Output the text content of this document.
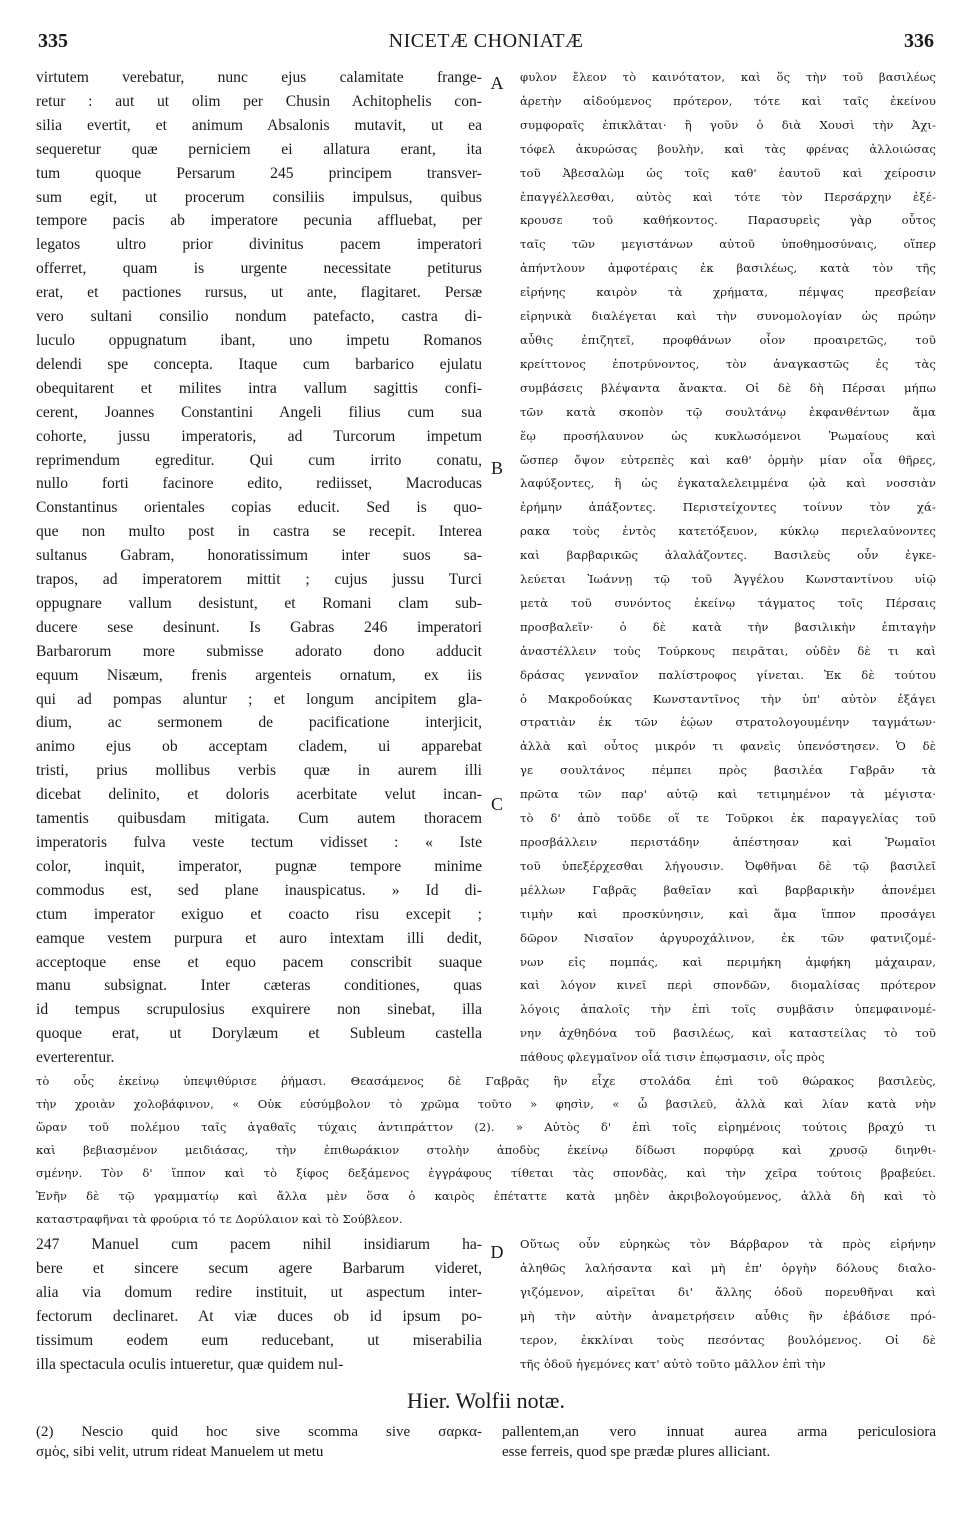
335	NICETÆ CHONIATÆ	336
virtutem verebatur, nunc ejus calamitate frange-
retur : aut ut olim per Chusin Achitophelis con-
silia evertit, et animum Absalonis mutavit, ut ea
sequeretur quæ perniciem ei allatura erant, ita
tum quoque Persarum 245 principem transver-
sum egit, ut procerum consiliis impulsus, quibus
tempore pacis ab imperatore pecunia affluebat, per
legatos ultro prior divinitus pacem imperatori
offerret, quam is urgente necessitate petiturus
erat, et pactiones rursus, ut ante, flagitaret. Persæ
vero sultani consilio nondum patefacto, castra di-
luculo oppugnatum ibant, uno impetu Romanos
delendi spe concepta. Itaque cum barbarico ejulatu
obequitarent et milites intra vallum sagittis confi-
cerent, Joannes Constantini Angeli filius cum sua
cohorte, jussu imperatoris, ad Turcorum impetum
reprimendum egreditur. Qui cum irrito conatu,
nullo forti facinore edito, rediisset, Macroducas
Constantinus orientales copias educit. Sed is quo-
que non multo post in castra se recepit. Interea
sultanus Gabram, honoratissimum inter suos sa-
trapos, ad imperatorem mittit ; cujus jussu Turci
oppugnare vallum desistunt, et Romani clam sub-
ducere sese desinunt. Is Gabras 246 imperatori
Barbarorum more submisse adorato dono adducit
equum Nisæum, frenis argenteis ornatum, ex iis
qui ad pompas aluntur ; et longum ancipitem gla-
dium, ac sermonem de pacificatione interjicit,
animo ejus ob acceptam cladem, ui apparebat
tristi, prius mollibus verbis quæ in aurem illi
dicebat delinito, et doloris acerbitate velut incan-
tamentis quibusdam mitigata. Cum autem thoracem
imperatoris fulva veste tectum vidisset : « Iste
color, inquit, imperator, pugnæ tempore minime
commodus est, sed plane inauspicatus. » Id di-
ctum imperator exiguo et coacto risu excepit ;
eamque vestem purpura et auro intextam illi dedit,
acceptoque ense et equo pacem conscribit suaque
manu subsignat. Inter cæteras conditiones, quas
id tempus scrupulosius exquirere non sinebat, illa
quoque erat, ut Dorylæum et Subleum castella
everterentur.
φυλον ἔλεον τὸ καινότατον, καὶ ὅς τὴν τοῦ βασιλέως
ἀρετὴν αἰδούμενος πρότερον, τότε καὶ ταῖς ἐκείνου
συμφοραῖς ἐπικλᾶται· ἢ γοῦν ὁ διὰ Χουσὶ τὴν Ἀχι-
τόφελ ἀκυρώσας βουλὴν, καὶ τὰς φρένας ἀλλοιώσας
τοῦ Ἀβεσαλὼμ ὡς τοῖς καθ' ἑαυτοῦ καὶ χείροσιν
ἐπαγγέλλεσθαι, αὐτὸς καὶ τότε τὸν Περσάρχην ἐξέ-
κρουσε τοῦ καθήκοντος. Παρασυρεὶς γὰρ οὗτος
ταῖς τῶν μεγιστάνων αὐτοῦ ὑποθημοσύναις, οἵπερ
ἀπήντλουν ἀμφοτέραις ἐκ βασιλέως, κατὰ τὸν τῆς
εἰρήνης καιρὸν τὰ χρήματα, πέμψας πρεσβείαν
εἰρηνικὰ διαλέγεται καὶ τὴν συνομολογίαν ὡς πρώην
αὖθις ἐπιζητεῖ, προφθάνων οἷον προαιρετῶς, τοῦ
κρείττονος ἐποτρύνοντος, τὸν ἀναγκαστῶς ἐς τὰς
συμβάσεις βλέψαντα ἄνακτα. Οἱ δὲ δὴ Πέρσαι μήπω
τῶν κατὰ σκοπὸν τῷ σουλτάνῳ ἐκφανθέντων ἅμα
ἕῳ προσήλαυνον ὡς κυκλωσόμενοι Ῥωμαίους καὶ
ὥσπερ ὄψον εὐτρεπὲς καὶ καθ' ὁρμὴν μίαν οἷα θῆρες,
λαφύξοντες, ἢ ὡς ἐγκαταλελειμμένα ᾠὰ καὶ νοσσιὰν
ἐρήμην ἀπάξοντες. Περιστείχοντες τοίνυν τὸν χά-
ρακα τοὺς ἐντὸς κατετόξευον, κύκλῳ περιελαύνοντες
καὶ βαρβαρικῶς ἀλαλάζοντες. Βασιλεὺς οὖν ἐγκε-
λεύεται Ἰωάννῃ τῷ τοῦ Ἀγγέλου Κωνσταντίνου υἱῷ
μετὰ τοῦ συνόντος ἐκείνῳ τάγματος τοῖς Πέρσαις
προσβαλεῖν· ὁ δὲ κατὰ τὴν βασιλικὴν ἐπιταγὴν
ἀναστέλλειν τοὺς Τούρκους πειρᾶται, οὐδὲν δὲ τι καὶ
δράσας γενναῖον παλίστροφος γίνεται. Ἐκ δὲ τούτου
ὁ Μακροδούκας Κωνσταντῖνος τὴν ὑπ' αὐτὸν ἐξάγει
στρατιὰν ἐκ τῶν ἑῴων στρατολογουμένην ταγμάτων·
ἀλλὰ καὶ οὗτος μικρόν τι φανεὶς ὑπενόστησεν. Ὁ δὲ
γε σουλτάνος πέμπει πρὸς βασιλέα Γαβρᾶν τὰ
πρῶτα τῶν παρ' αὐτῷ καὶ τετιμημένον τὰ μέγιστα·
τὸ δ' ἀπὸ τοῦδε οἵ τε Τοῦρκοι ἐκ παραγγελίας τοῦ
προσβάλλειν περιστάδην ἀπέστησαν καὶ Ῥωμαῖοι
τοῦ ὑπεξέρχεσθαι λήγουσιν. Ὀφθῆναι δὲ τῷ βασιλεῖ
μέλλων Γαβρᾶς βαθεῖαν καὶ βαρβαρικὴν ἀπονέμει
τιμὴν καὶ προσκύνησιν, καὶ ἅμα ἵππον προσάγει
δῶρον Νισαῖον ἀργυροχάλινον, ἐκ τῶν φατνιζομέ-
νων εἰς πομπάς, καὶ περιμήκη ἀμφήκη μάχαιραν,
καὶ λόγον κινεῖ περὶ σπονδῶν, διομαλίσας πρότερον
λόγοις ἁπαλοῖς τὴν ἐπὶ τοῖς συμβᾶσιν ὑπεμφαινομέ-
νην ἀχθηδόνα τοῦ βασιλέως, καὶ καταστείλας τὸ τοῦ
πάθους φλεγμαῖνον οἷά τισιν ἐπῳσμασιν, οἷς πρὸς
A
B
C
D
τὸ οὖς ἐκείνῳ ὑπεψιθύρισε ῥήμασι. Θεασάμενος δὲ Γαβρᾶς ἣν εἶχε στολάδα ἐπὶ τοῦ θώρακος βασιλεὺς,
τὴν χροιὰν χολοβάφινον, « Οὐκ εὐσύμβολον τὸ χρῶμα τοῦτο » φησὶν, « ὦ βασιλεῦ, ἀλλὰ καὶ λίαν κατὰ νὴν
ὥραν τοῦ πολέμου ταῖς ἀγαθαῖς τύχαις ἀντιπράττον (2). » Αὐτὸς δ' ἐπὶ τοῖς εἰρημένοις τούτοις βραχύ τι
καὶ βεβιασμένον μειδιάσας, τὴν ἐπιθωράκιον στολὴν ἀποδὺς ἐκείνῳ δίδωσι πορφύρᾳ καὶ χρυσῷ διηνθι-
σμένην. Τὸν δ' ἵππον καὶ τὸ ξίφος δεξάμενος ἐγγράφους τίθεται τὰς σπονδὰς, καὶ τὴν χεῖρα τούτοις βραβεύει.
Ἐνῆν δὲ τῷ γραμματίῳ καὶ ἄλλα μὲν ὅσα ὁ καιρὸς ἐπέταττε κατὰ μηδὲν ἀκριβολογούμενος, ἀλλὰ δὴ καὶ τὸ
καταστραφῆναι τὰ φρούρια τό τε Δορύλαιον καὶ τὸ Σούβλεον.
247 Manuel cum pacem nihil insidiarum ha-
bere et sincere secum agere Barbarum videret,
alia via domum redire instituit, ut aspectum inter-
fectorum declinaret. At viæ duces ob id ipsum po-
tissimum eodem eum reducebant, ut miserabilia
illa spectacula oculis intueretur, quæ quidem nul-
Οὕτως οὖν εὐρηκὼς τὸν Βάρβαρον τὰ πρὸς εἰρήνην
ἀληθῶς λαλήσαντα καὶ μὴ ἐπ' ὀργὴν δόλους διαλο-
γιζόμενον, αἱρεῖται δι' ἄλλης ὁδοῦ πορευθῆναι καὶ
μὴ τὴν αὐτὴν ἀναμετρήσειν αὖθις ἣν ἐβάδισε πρό-
τερον, ἐκκλίναι τοὺς πεσόντας βουλόμενος. Οἱ δὲ
τῆς ὁδοῦ ἡγεμόνες κατ' αὐτὸ τοῦτο μᾶλλον ἐπὶ τὴν
Hier. Wolfii notæ.
(2) Nescio quid hoc sive scomma sive σαρκα-
σμὸς, sibi velit, utrum rideat Manuelem ut metu
pallentem,an vero innuat aurea arma periculosiora
esse ferreis, quod spe prædæ plures alliciant.
